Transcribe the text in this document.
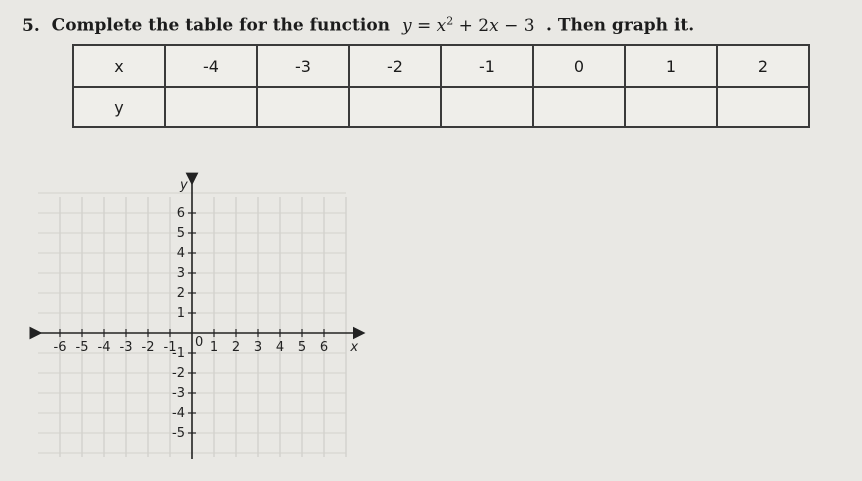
5. Complete the table for the function $y = x^2 + 2x - 3$ . Then graph it.
x	-4	-3	-2	-1	0	1	2
y							
-6 -5 -4 -3 -2 -1	1 2 3 4 5 6
1
2
3
4
5
6
-1
-2
-3
-4
-5
x
y
0
